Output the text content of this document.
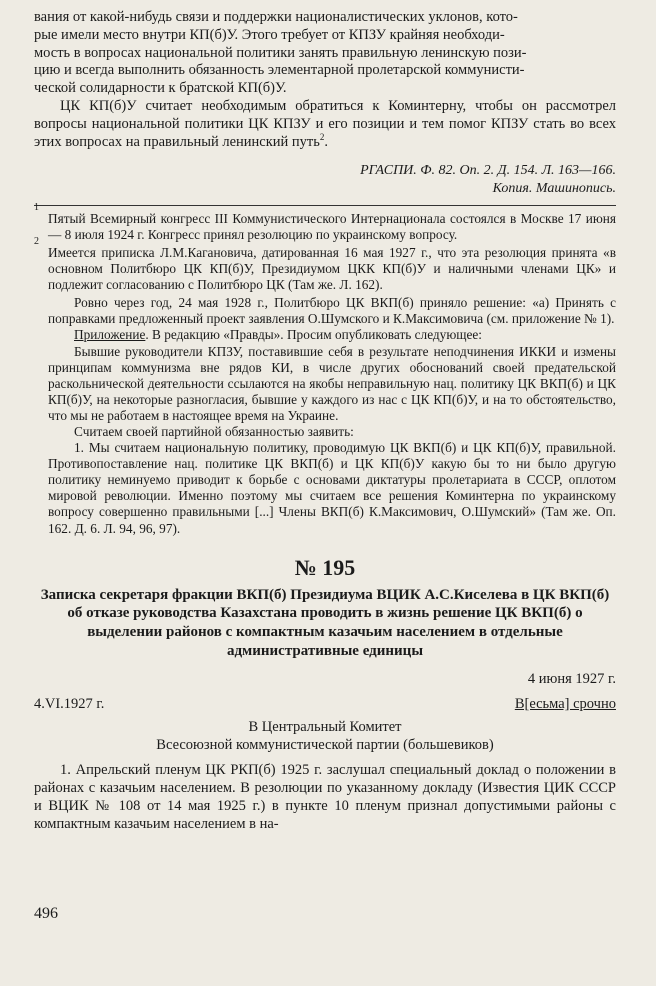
вания от какой-нибудь связи и поддержки националистических уклонов, кото-

рые имели место внутри КП(б)У. Этого требует от КПЗУ крайняя необходи-

мость в вопросах национальной политики занять правильную ленинскую пози-

цию и всегда выполнить обязанность элементарной пролетарской коммунисти-

ческой солидарности к братской КП(б)У.

ЦК КП(б)У считает необходимым обратиться к Коминтерну, чтобы он рассмотрел вопросы национальной политики ЦК КПЗУ и его позиции и тем помог КПЗУ стать во всех этих вопросах на правильный ленинский путь$^2$.

РГАСПИ. Ф. 82. Оп. 2. Д. 154. Л. 163—166.
Копия. Машинопись.
1

Пятый Всемирный конгресс III Коммунистического Интернационала состоялся в Москве 17 июня — 8 июля 1924 г. Конгресс принял резолюцию по украинскому вопросу.

2

Имеется приписка Л.М.Кагановича, датированная 16 мая 1927 г., что эта резолюция принята «в основном Политбюро ЦК КП(б)У, Президиумом ЦКК КП(б)У и наличными членами ЦК» и подлежит согласованию с Политбюро ЦК (Там же. Л. 162).

Ровно через год, 24 мая 1928 г., Политбюро ЦК ВКП(б) приняло решение: «а) Принять с поправками предложенный проект заявления О.Шумского и К.Максимовича (см. приложение № 1).

Приложение. В редакцию «Правды». Просим опубликовать следующее:

Бывшие руководители КПЗУ, поставившие себя в результате неподчинения ИККИ и измены принципам коммунизма вне рядов КИ, в числе других обоснований своей предательской раскольнической деятельности ссылаются на якобы неправильную нац. политику ЦК ВКП(б) и ЦК КП(б)У, на некоторые разногласия, бывшие у каждого из нас с ЦК КП(б)У, и на то обстоятельство, что мы не работаем в настоящее время на Украине.

Считаем своей партийной обязанностью заявить:

1. Мы считаем национальную политику, проводимую ЦК ВКП(б) и ЦК КП(б)У, правильной. Противопоставление нац. политике ЦК ВКП(б) и ЦК КП(б)У какую бы то ни было другую политику неминуемо приводит к борьбе с основами диктатуры пролетариата в СССР, оплотом мировой революции. Именно поэтому мы считаем все решения Коминтерна по украинскому вопросу совершенно правильными [...] Члены ВКП(б) К.Максимович, О.Шумский» (Там же. Оп. 162. Д. 6. Л. 94, 96, 97).

№ 195
Записка секретаря фракции ВКП(б) Президиума ВЦИК А.С.Киселева в ЦК ВКП(б) об отказе руководства Казахстана проводить в жизнь решение ЦК ВКП(б) о выделении районов с компактным казачьим населением в отдельные административные единицы
4 июня 1927 г.
4.VI.1927 г.	В[есьма] срочно
В Центральный Комитет
Всесоюзной коммунистической партии (большевиков)

1. Апрельский пленум ЦК РКП(б) 1925 г. заслушал специальный доклад о положении в районах с казачьим населением. В резолюции по указанному докладу (Известия ЦИК СССР и ВЦИК № 108 от 14 мая 1925 г.) в пункте 10 пленум признал допустимыми районы с компактным казачьим населением в на-

496
